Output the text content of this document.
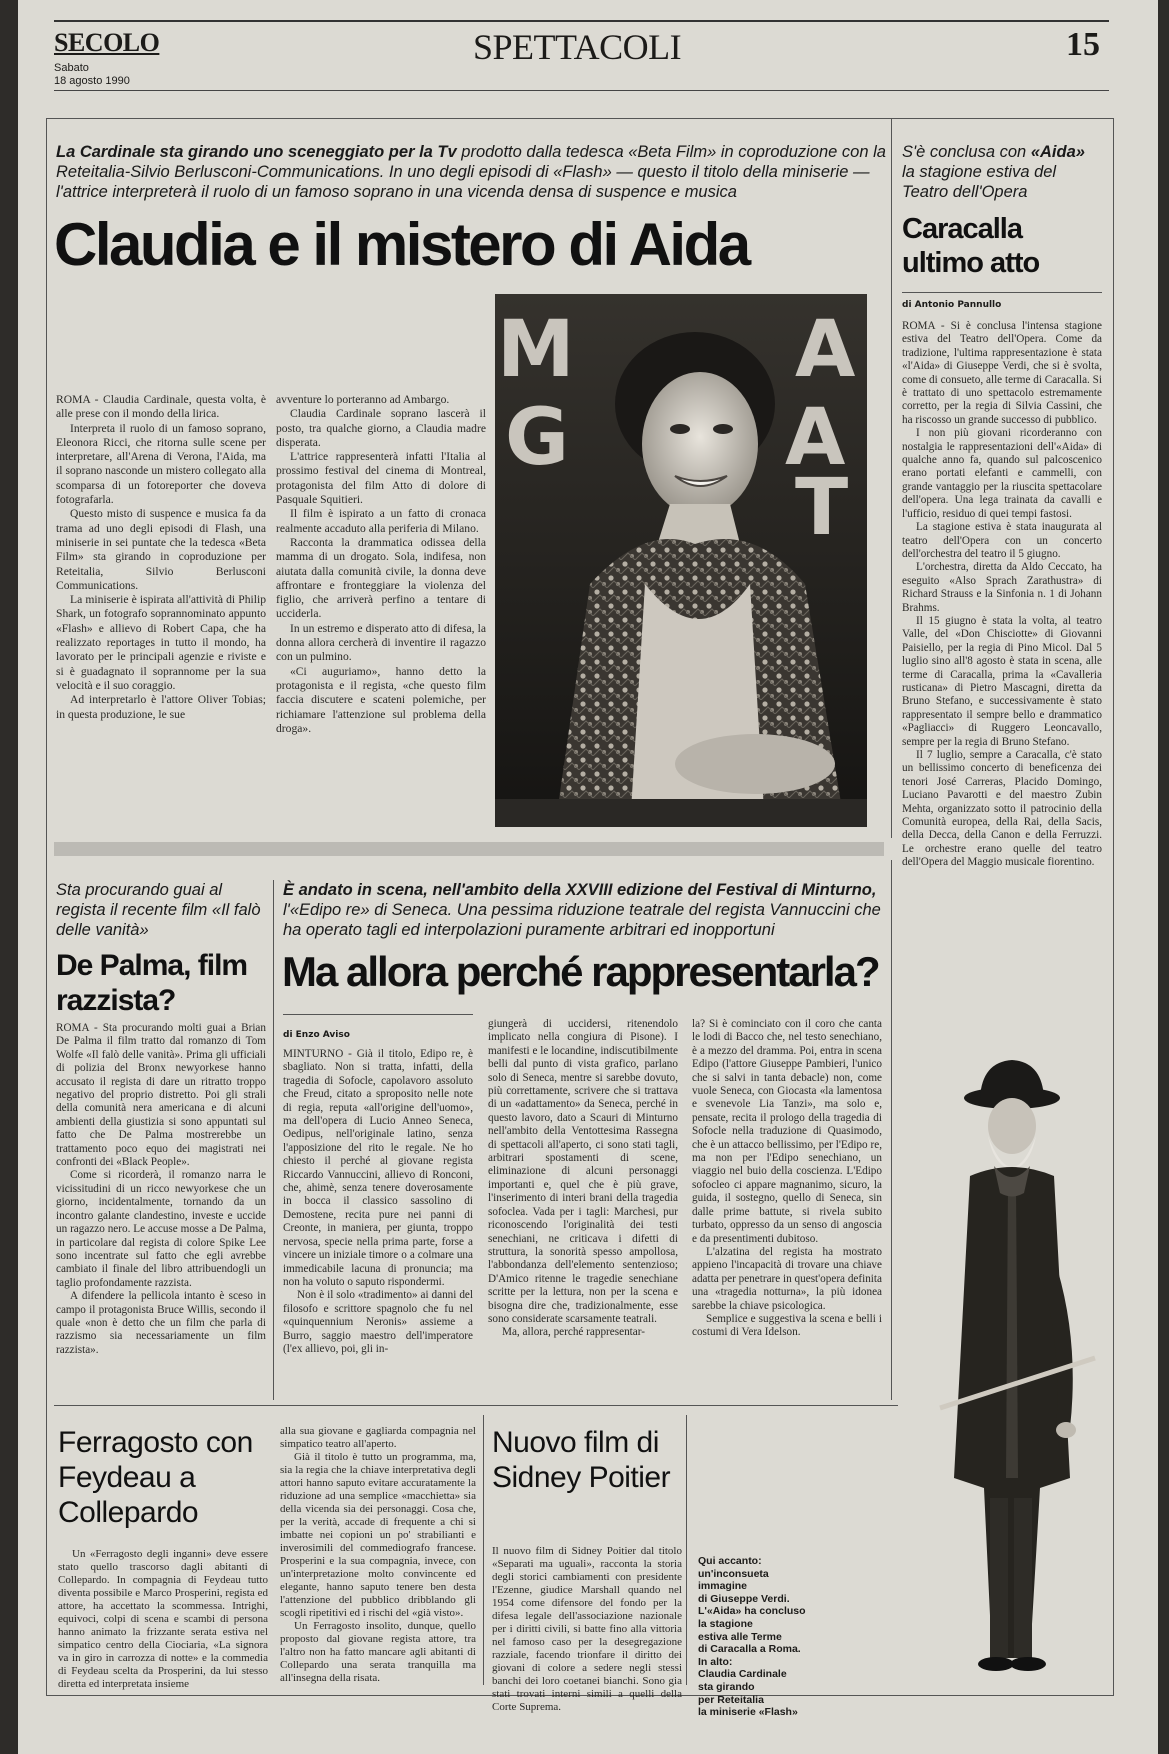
SECOLO
Sabato
18 agosto 1990
SPETTACOLI	15
La Cardinale sta girando uno sceneggiato per la Tv prodotto dalla tedesca «Beta Film» in coproduzione con la Reteitalia-Silvio Berlusconi-Communications. In uno degli episodi di «Flash» — questo il titolo della miniserie — l'attrice interpreterà il ruolo di un famoso soprano in una vicenda densa di suspence e musica
Claudia e il mistero di Aida

ROMA - Claudia Cardinale, questa volta, è alle prese con il mondo della lirica.

Interpreta il ruolo di un famoso soprano, Eleonora Ricci, che ritorna sulle scene per interpretare, all'Arena di Verona, l'Aida, ma il soprano nasconde un mistero collegato alla scomparsa di un fotoreporter che doveva fotografarla.

Questo misto di suspence e musica fa da trama ad uno degli episodi di Flash, una miniserie in sei puntate che la tedesca «Beta Film» sta girando in coproduzione per Reteitalia, Silvio Berlusconi Communications.

La miniserie è ispirata all'attività di Philip Shark, un fotografo soprannominato appunto «Flash» e allievo di Robert Capa, che ha realizzato reportages in tutto il mondo, ha lavorato per le principali agenzie e riviste e si è guadagnato il soprannome per la sua velocità e il suo coraggio.

Ad interpretarlo è l'attore Oliver Tobias; in questa produzione, le sue

avventure lo porteranno ad Ambargo.

Claudia Cardinale soprano lascerà il posto, tra qualche giorno, a Claudia madre disperata.

L'attrice rappresenterà infatti l'Italia al prossimo festival del cinema di Montreal, protagonista del film Atto di dolore di Pasquale Squitieri.

Il film è ispirato a un fatto di cronaca realmente accaduto alla periferia di Milano.

Racconta la drammatica odissea della mamma di un drogato. Sola, indifesa, non aiutata dalla comunità civile, la donna deve affrontare e fronteggiare la violenza del figlio, che arriverà perfino a tentare di ucciderla.

In un estremo e disperato atto di difesa, la donna allora cercherà di inventire il ragazzo con un pulmino.

«Ci auguriamo», hanno detto la protagonista e il regista, «che questo film faccia discutere e scateni polemiche, per richiamare l'attenzione sul problema della droga».

M	A
G	A
T
S'è conclusa con «Aida» la stagione estiva del Teatro dell'Opera
Caracalla ultimo atto
di Antonio Pannullo

ROMA - Si è conclusa l'intensa stagione estiva del Teatro dell'Opera. Come da tradizione, l'ultima rappresentazione è stata «l'Aida» di Giuseppe Verdi, che si è svolta, come di consueto, alle terme di Caracalla. Si è trattato di uno spettacolo estremamente corretto, per la regia di Silvia Cassini, che ha riscosso un grande successo di pubblico.

I non più giovani ricorderanno con nostalgia le rappresentazioni dell'«Aida» di qualche anno fa, quando sul palcoscenico erano portati elefanti e cammelli, con grande vantaggio per la riuscita spettacolare dell'opera. Una lega trainata da cavalli e l'ufficio, residuo di quei tempi fastosi.

La stagione estiva è stata inaugurata al teatro dell'Opera con un concerto dell'orchestra del teatro il 5 giugno.

L'orchestra, diretta da Aldo Ceccato, ha eseguito «Also Sprach Zarathustra» di Richard Strauss e la Sinfonia n. 1 di Johann Brahms.

Il 15 giugno è stata la volta, al teatro Valle, del «Don Chisciotte» di Giovanni Paisiello, per la regia di Pino Micol. Dal 5 luglio sino all'8 agosto è stata in scena, alle terme di Caracalla, prima la «Cavalleria rusticana» di Pietro Mascagni, diretta da Bruno Stefano, e successivamente è stato rappresentato il sempre bello e drammatico «Pagliacci» di Ruggero Leoncavallo, sempre per la regia di Bruno Stefano.

Il 7 luglio, sempre a Caracalla, c'è stato un bellissimo concerto di beneficenza dei tenori José Carreras, Placido Domingo, Luciano Pavarotti e del maestro Zubin Mehta, organizzato sotto il patrocinio della Comunità europea, della Rai, della Sacis, della Decca, della Canon e della Ferruzzi. Le orchestre erano quelle del teatro dell'Opera del Maggio musicale fiorentino.

Sta procurando guai al regista il recente film «Il falò delle vanità»
De Palma, film razzista?

ROMA - Sta procurando molti guai a Brian De Palma il film tratto dal romanzo di Tom Wolfe «Il falò delle vanità». Prima gli ufficiali di polizia del Bronx newyorkese hanno accusato il regista di dare un ritratto troppo negativo del proprio distretto. Poi gli strali della comunità nera americana e di alcuni ambienti della giustizia si sono appuntati sul fatto che De Palma mostrerebbe un trattamento poco equo dei magistrati nei confronti dei «Black People».

Come si ricorderà, il romanzo narra le vicissitudini di un ricco newyorkese che un giorno, incidentalmente, tornando da un incontro galante clandestino, investe e uccide un ragazzo nero. Le accuse mosse a De Palma, in particolare dal regista di colore Spike Lee sono incentrate sul fatto che egli avrebbe cambiato il finale del libro attribuendogli un taglio profondamente razzista.

A difendere la pellicola intanto è sceso in campo il protagonista Bruce Willis, secondo il quale «non è detto che un film che parla di razzismo sia necessariamente un film razzista».

È andato in scena, nell'ambito della XXVIII edizione del Festival di Minturno,
l'«Edipo re» di Seneca. Una pessima riduzione teatrale del regista Vannuccini che ha operato tagli ed interpolazioni puramente arbitrari ed inopportuni
Ma allora perché rappresentarla?
di Enzo Aviso

MINTURNO - Già il titolo, Edipo re, è sbagliato. Non si tratta, infatti, della tragedia di Sofocle, capolavoro assoluto che Freud, citato a sproposito nelle note di regia, reputa «all'origine dell'uomo», ma dell'opera di Lucio Anneo Seneca, Oedipus, nell'originale latino, senza l'apposizione del rito le regale. Ne ho chiesto il perché al giovane regista Riccardo Vannuccini, allievo di Ronconi, che, ahimè, senza tenere doverosamente in bocca il classico sassolino di Demostene, recita pure nei panni di Creonte, in maniera, per giunta, troppo nervosa, specie nella prima parte, forse a vincere un iniziale timore o a colmare una immedicabile lacuna di pronuncia; ma non ha voluto o saputo rispondermi.

Non è il solo «tradimento» ai danni del filosofo e scrittore spagnolo che fu nel «quinquennium Neronis» assieme a Burro, saggio maestro dell'imperatore (l'ex allievo, poi, gli in-

giungerà di uccidersi, ritenendolo implicato nella congiura di Pisone). I manifesti e le locandine, indiscutibilmente belli dal punto di vista grafico, parlano solo di Seneca, mentre si sarebbe dovuto, più correttamente, scrivere che si trattava di un «adattamento» da Seneca, perché in questo lavoro, dato a Scauri di Minturno nell'ambito della Ventottesima Rassegna di spettacoli all'aperto, ci sono stati tagli, arbitrari spostamenti di scene, eliminazione di alcuni personaggi importanti e, quel che è più grave, l'inserimento di interi brani della tragedia sofoclea. Vada per i tagli: Marchesi, pur riconoscendo l'originalità dei testi senechiani, ne criticava i difetti di struttura, la sonorità spesso ampollosa, l'abbondanza dell'elemento sentenzioso; D'Amico ritenne le tragedie senechiane scritte per la lettura, non per la scena e bisogna dire che, tradizionalmente, esse sono considerate scarsamente teatrali.

Ma, allora, perché rappresentar-

la? Si è cominciato con il coro che canta le lodi di Bacco che, nel testo senechiano, è a mezzo del dramma. Poi, entra in scena Edipo (l'attore Giuseppe Pambieri, l'unico che si salvi in tanta debacle) non, come vuole Seneca, con Giocasta «la lamentosa e svenevole Lia Tanzi», ma solo e, pensate, recita il prologo della tragedia di Sofocle nella traduzione di Quasimodo, che è un attacco bellissimo, per l'Edipo re, ma non per l'Edipo senechiano, un viaggio nel buio della coscienza. L'Edipo sofocleo ci appare magnanimo, sicuro, la guida, il sostegno, quello di Seneca, sin dalle prime battute, si rivela subito turbato, oppresso da un senso di angoscia e da presentimenti dubitoso.

L'alzatina del regista ha mostrato appieno l'incapacità di trovare una chiave adatta per penetrare in quest'opera definita una «tragedia notturna», la più idonea sarebbe la chiave psicologica.

Semplice e suggestiva la scena e belli i costumi di Vera Idelson.

Ferragosto con Feydeau a Collepardo

Un «Ferragosto degli inganni» deve essere stato quello trascorso dagli abitanti di Collepardo. In compagnia di Feydeau tutto diventa possibile e Marco Prosperini, regista ed attore, ha accettato la scommessa. Intrighi, equivoci, colpi di scena e scambi di persona hanno animato la frizzante serata estiva nel simpatico centro della Ciociaria, «La signora va in giro in carrozza di notte» e la commedia di Feydeau scelta da Prosperini, da lui stesso diretta ed interpretata insieme

alla sua giovane e gagliarda compagnia nel simpatico teatro all'aperto.

Già il titolo è tutto un programma, ma, sia la regia che la chiave interpretativa degli attori hanno saputo evitare accuratamente la riduzione ad una semplice «macchietta» sia della vicenda sia dei personaggi. Cosa che, per la verità, accade di frequente a chi si imbatte nei copioni un po' strabilianti e inverosimili del commediografo francese. Prosperini e la sua compagnia, invece, con un'interpretazione molto convincente ed elegante, hanno saputo tenere ben desta l'attenzione del pubblico dribblando gli scogli ripetitivi ed i rischi del «già visto».

Un Ferragosto insolito, dunque, quello proposto dal giovane regista attore, tra l'altro non ha fatto mancare agli abitanti di Collepardo una serata tranquilla ma all'insegna della risata.

Nuovo film di Sidney Poitier

Il nuovo film di Sidney Poitier dal titolo «Separati ma uguali», racconta la storia degli storici cambiamenti con presidente l'Ezenne, giudice Marshall quando nel 1954 come difensore del fondo per la difesa legale dell'associazione nazionale per i diritti civili, si batte fino alla vittoria nel famoso caso per la desegregazione razziale, facendo trionfare il diritto dei giovani di colore a sedere negli stessi banchi dei loro coetanei bianchi. Sono gia stati trovati interni simili a quelli della Corte Suprema.

Qui accanto:
un'inconsueta
immagine
di Giuseppe Verdi.
L'«Aida» ha concluso
la stagione
estiva alle Terme
di Caracalla a Roma.
In alto:
Claudia Cardinale
sta girando
per Reteitalia
la miniserie «Flash»
